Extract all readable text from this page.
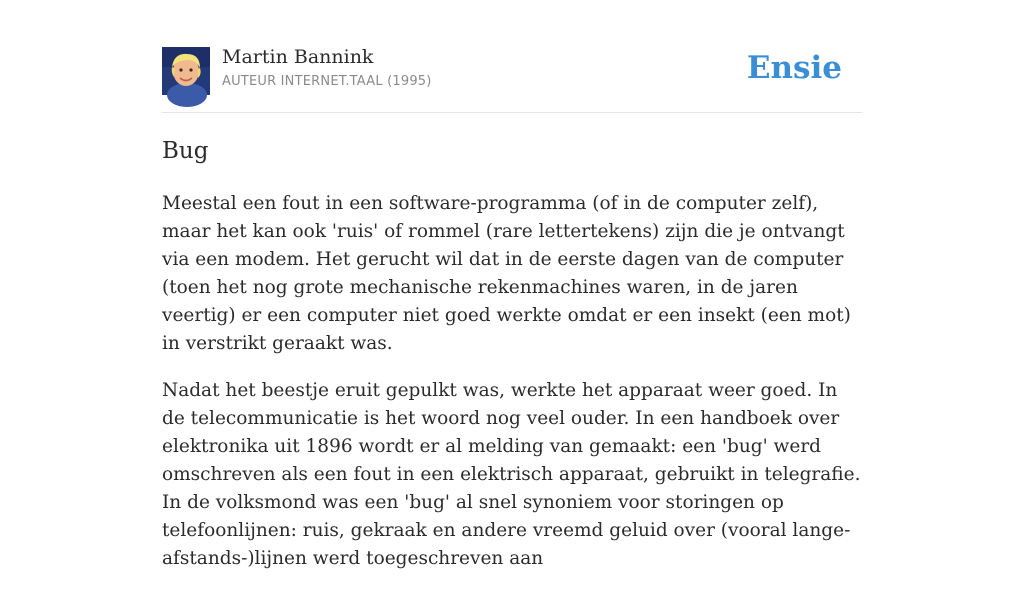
Martin Bannink
AUTEUR INTERNET.TAAL (1995)	Ensie
Bug

Meestal een fout in een software-programma (of in de computer zelf), maar het kan ook 'ruis' of rommel (rare lettertekens) zijn die je ontvangt via een modem. Het gerucht wil dat in de eerste dagen van de computer (toen het nog grote mechanische rekenmachines waren, in de jaren veertig) er een computer niet goed werkte omdat er een insekt (een mot) in verstrikt geraakt was.

Nadat het beestje eruit gepulkt was, werkte het apparaat weer goed. In de telecommunicatie is het woord nog veel ouder. In een handboek over elektronika uit 1896 wordt er al melding van gemaakt: een 'bug' werd omschreven als een fout in een elektrisch apparaat, gebruikt in telegrafie. In de volksmond was een 'bug' al snel synoniem voor storingen op telefoonlijnen: ruis, gekraak en andere vreemd geluid over (vooral lange-afstands-)lijnen werd toegeschreven aan
